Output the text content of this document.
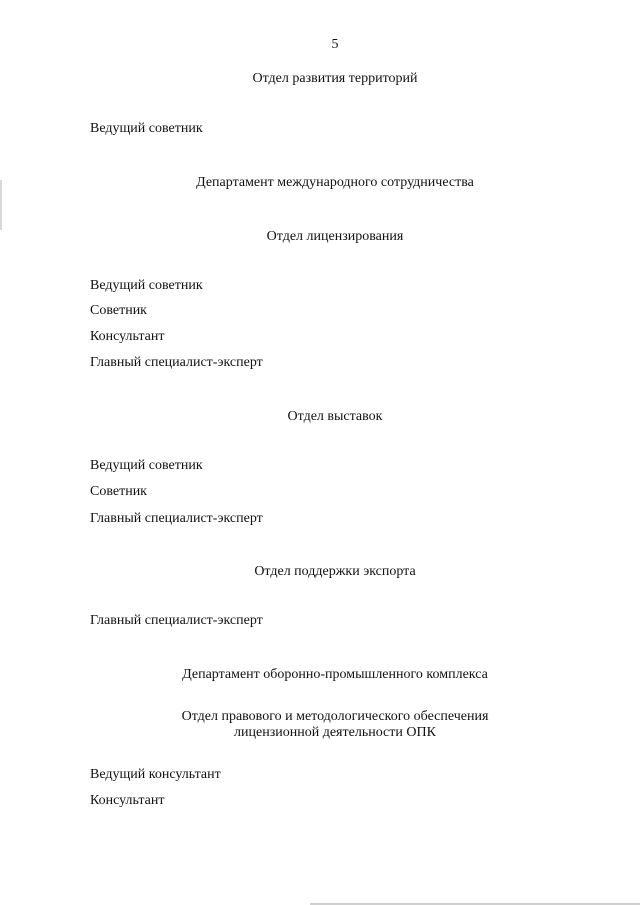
5
Отдел развития территорий
Ведущий советник
Департамент международного сотрудничества
Отдел лицензирования
Ведущий советник
Советник
Консультант
Главный специалист-эксперт
Отдел выставок
Ведущий советник
Советник
Главный специалист-эксперт
Отдел поддержки экспорта
Главный специалист-эксперт
Департамент оборонно-промышленного комплекса
Отдел правового и методологического обеспечения
лицензионной деятельности ОПК
Ведущий консультант
Консультант
